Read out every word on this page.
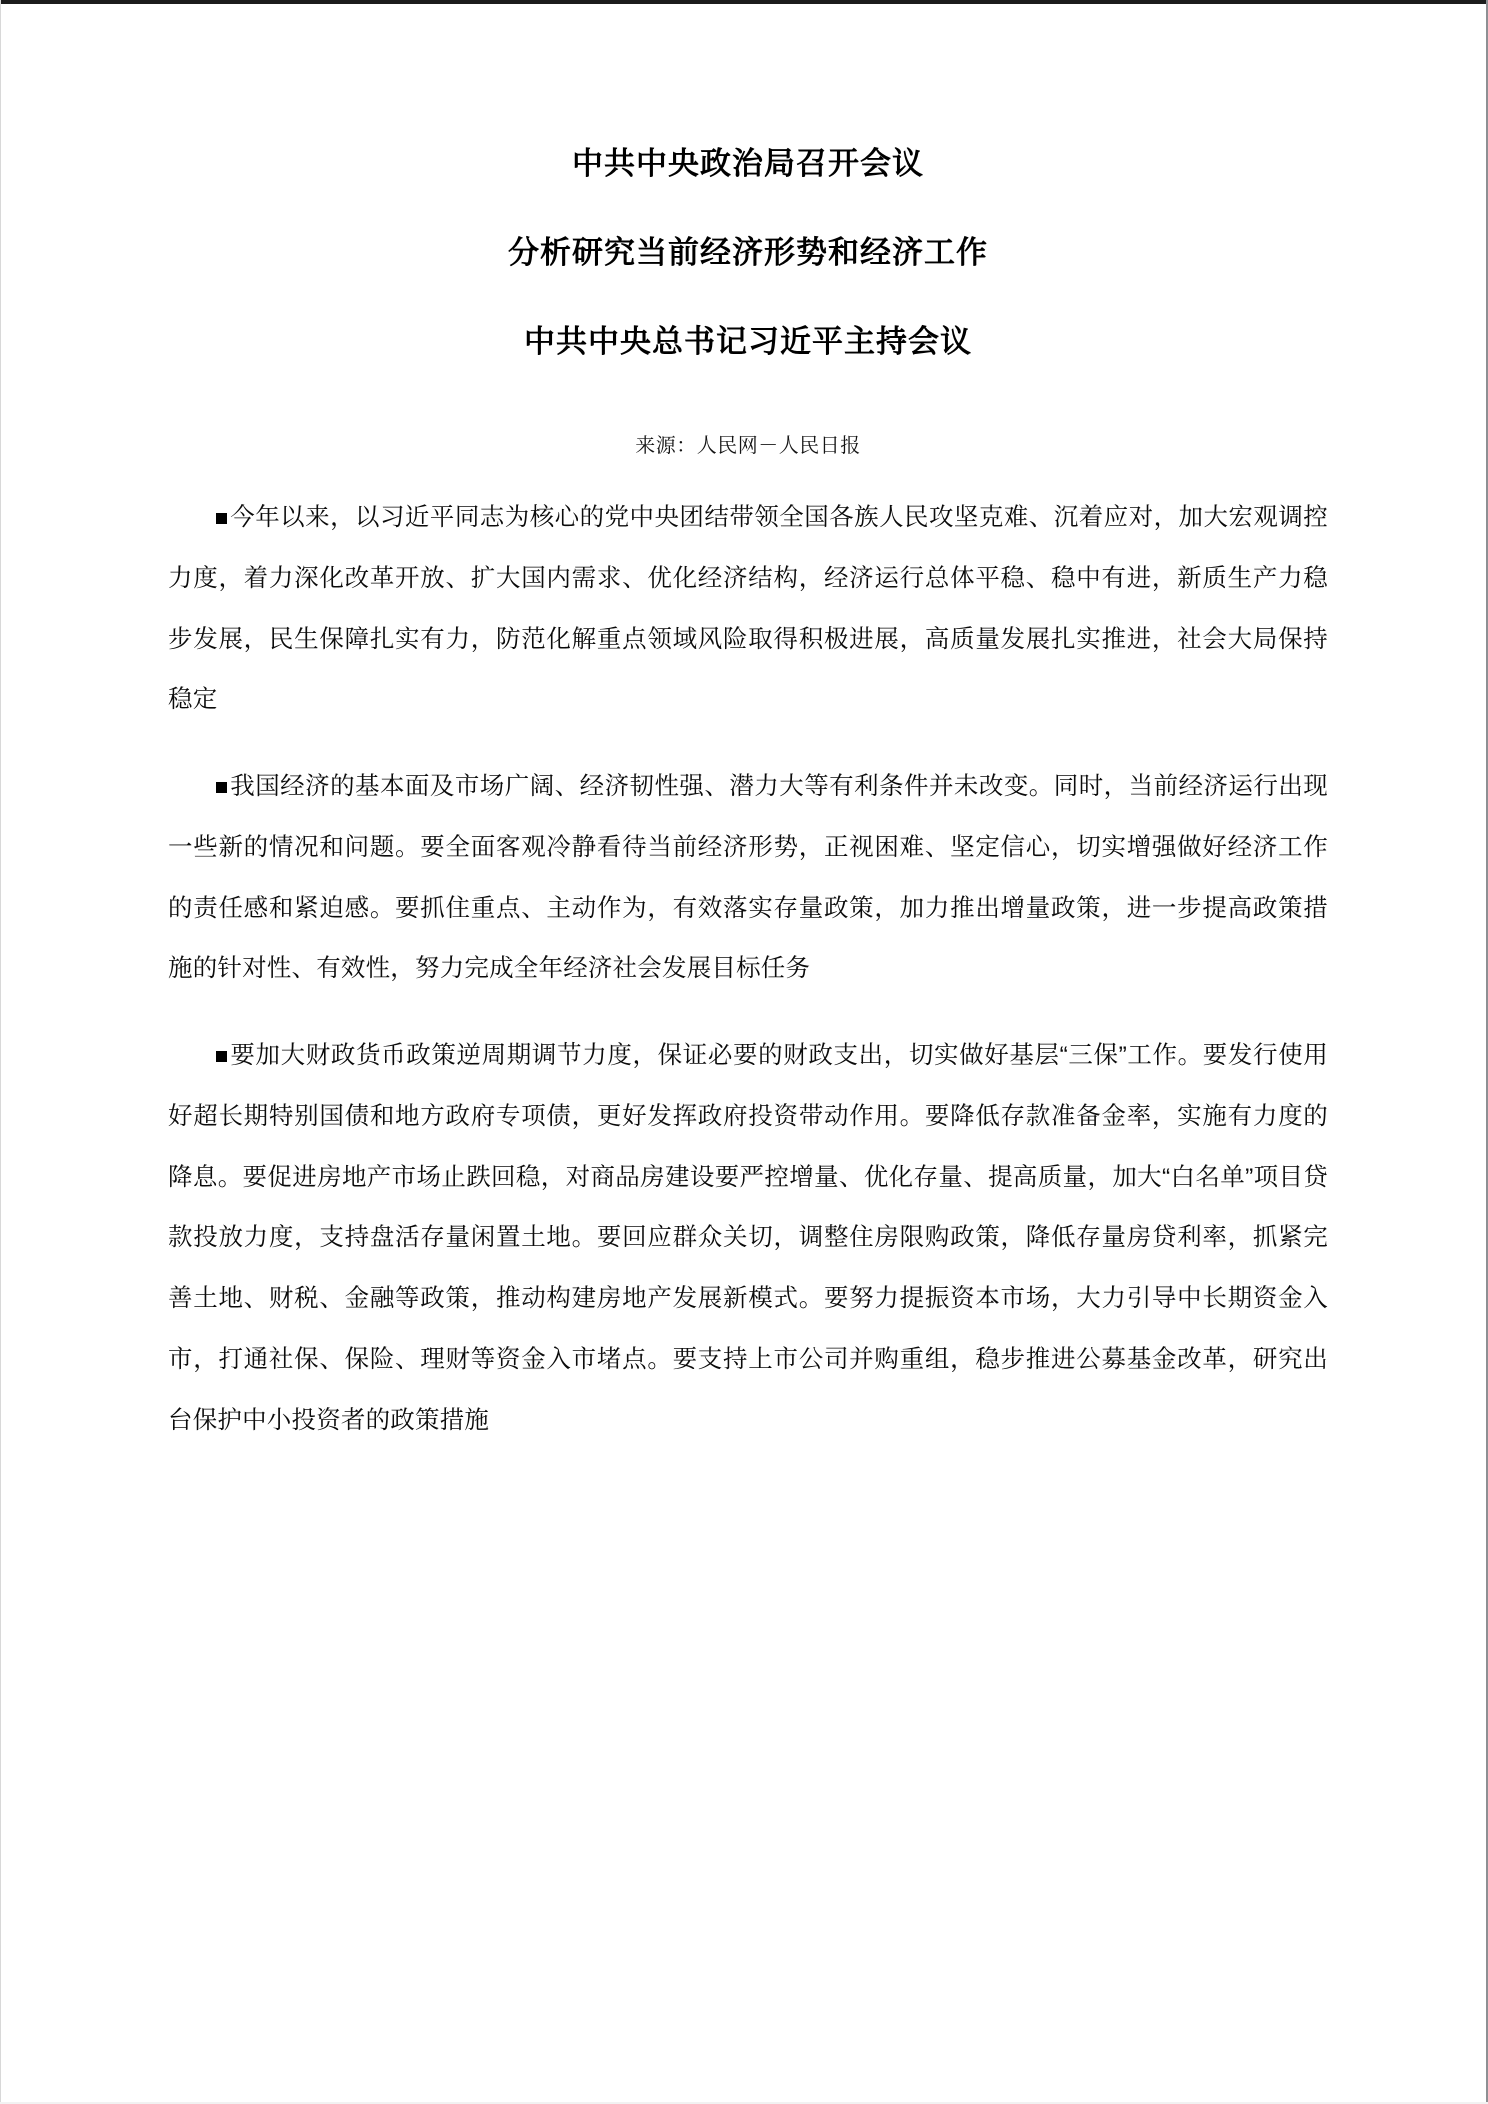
中共中央政治局召开会议
分析研究当前经济形势和经济工作
中共中央总书记习近平主持会议
来源：人民网－人民日报

今年以来，以习近平同志为核心的党中央团结带领全国各族人民攻坚克难、沉着应对，加大宏观调控力度，着力深化改革开放、扩大国内需求、优化经济结构，经济运行总体平稳、稳中有进，新质生产力稳步发展，民生保障扎实有力，防范化解重点领域风险取得积极进展，高质量发展扎实推进，社会大局保持稳定

我国经济的基本面及市场广阔、经济韧性强、潜力大等有利条件并未改变。同时，当前经济运行出现一些新的情况和问题。要全面客观冷静看待当前经济形势，正视困难、坚定信心，切实增强做好经济工作的责任感和紧迫感。要抓住重点、主动作为，有效落实存量政策，加力推出增量政策，进一步提高政策措施的针对性、有效性，努力完成全年经济社会发展目标任务

要加大财政货币政策逆周期调节力度，保证必要的财政支出，切实做好基层“三保”工作。要发行使用好超长期特别国债和地方政府专项债，更好发挥政府投资带动作用。要降低存款准备金率，实施有力度的降息。要促进房地产市场止跌回稳，对商品房建设要严控增量、优化存量、提高质量，加大“白名单”项目贷款投放力度，支持盘活存量闲置土地。要回应群众关切，调整住房限购政策，降低存量房贷利率，抓紧完善土地、财税、金融等政策，推动构建房地产发展新模式。要努力提振资本市场，大力引导中长期资金入市，打通社保、保险、理财等资金入市堵点。要支持上市公司并购重组，稳步推进公募基金改革，研究出台保护中小投资者的政策措施
